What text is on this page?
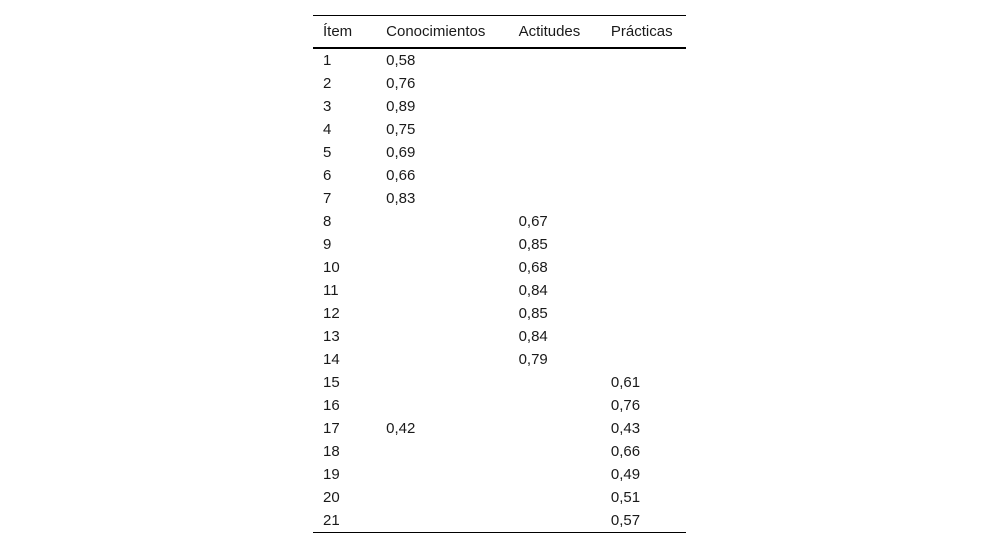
Ítem	Conocimientos	Actitudes	Prácticas
1	0,58		
2	0,76		
3	0,89		
4	0,75		
5	0,69		
6	0,66		
7	0,83		
8		0,67	
9		0,85	
10		0,68	
11		0,84	
12		0,85	
13		0,84	
14		0,79	
15			0,61
16			0,76
17	0,42		0,43
18			0,66
19			0,49
20			0,51
21			0,57
